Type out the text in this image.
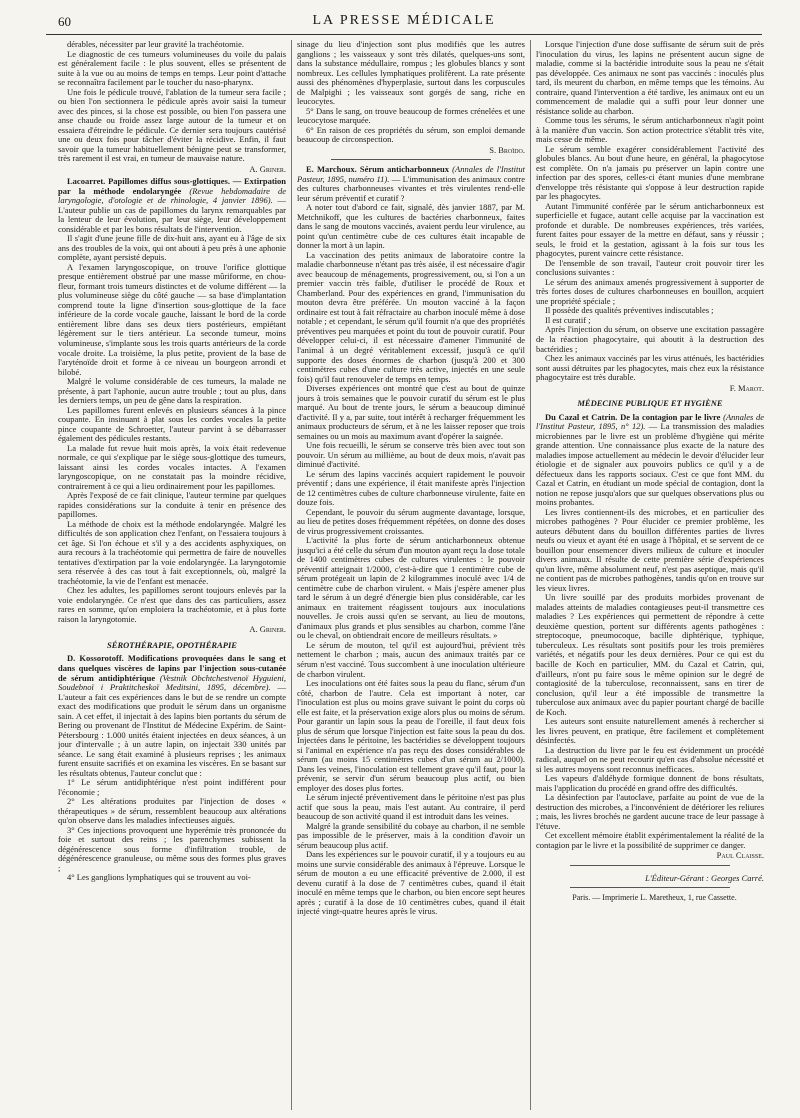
60	LA PRESSE MÉDICALE

dérables, nécessiter par leur gravité la trachéotomie.

Le diagnostic de ces tumeurs volumineuses du voile du palais est généralement facile : le plus souvent, elles se présentent de suite à la vue ou au moins de temps en temps. Leur point d'attache se reconnaîtra facilement par le toucher du naso-pharynx.

Une fois le pédicule trouvé, l'ablation de la tumeur sera facile ; ou bien l'on sectionnera le pédicule après avoir saisi la tumeur avec des pinces, si la chose est possible, ou bien l'on passera une anse chaude ou froide assez large autour de la tumeur et on essaiera d'étreindre le pédicule. Ce dernier sera toujours cautérisé une ou deux fois pour tâcher d'éviter la récidive. Enfin, il faut savoir que la tumeur habituellement bénigne peut se transformer, très rarement il est vrai, en tumeur de mauvaise nature.

A. Griner.

Lacoarret. Papillomes diffus sous-glottiques. — Extirpation par la méthode endolaryngée (Revue hebdomadaire de laryngologie, d'otologie et de rhinologie, 4 janvier 1896). — L'auteur publie un cas de papillomes du larynx remarquables par la lenteur de leur évolution, par leur siège, leur développement considérable et par les bons résultats de l'intervention.

Il s'agit d'une jeune fille de dix-huit ans, ayant eu à l'âge de six ans des troubles de la voix, qui ont abouti à peu près à une aphonie complète, ayant persisté depuis.

A l'examen laryngoscopique, on trouve l'orifice glottique presque entièrement obstrué par une masse mûriforme, en chou-fleur, formant trois tumeurs distinctes et de volume différent — la plus volumineuse siège du côté gauche — sa base d'implantation comprend toute la ligne d'insertion sous-glottique de la face inférieure de la corde vocale gauche, laissant le bord de la corde entièrement libre dans ses deux tiers postérieurs, empiétant légèrement sur le tiers antérieur. La seconde tumeur, moins volumineuse, s'implante sous les trois quarts antérieurs de la corde vocale droite. La troisième, la plus petite, provient de la base de l'aryténoïde droit et forme à ce niveau un bourgeon arrondi et bilobé.

Malgré le volume considérable de ces tumeurs, la malade ne présente, à part l'aphonie, aucun autre trouble ; tout au plus, dans les derniers temps, un peu de gêne dans la respiration.

Les papillomes furent enlevés en plusieurs séances à la pince coupante. En insinuant à plat sous les cordes vocales la petite pince coupante de Schroetter, l'auteur parvint à se débarrasser également des pédicules restants.

La malade fut revue huit mois après, la voix était redevenue normale, ce qui s'explique par le siège sous-glottique des tumeurs, laissant ainsi les cordes vocales intactes. A l'examen laryngoscopique, on ne constatait pas la moindre récidive, contrairement à ce qui a lieu ordinairement pour les papillomes.

Après l'exposé de ce fait clinique, l'auteur termine par quelques rapides considérations sur la conduite à tenir en présence des papillomes.

La méthode de choix est la méthode endolaryngée. Malgré les difficultés de son application chez l'enfant, on l'essaiera toujours à cet âge. Si l'on échoue et s'il y a des accidents asphyxiques, on aura recours à la trachéotomie qui permettra de faire de nouvelles tentatives d'extirpation par la voie endolaryngée. La laryngotomie sera réservée à des cas tout à fait exceptionnels, où, malgré la trachéotomie, la vie de l'enfant est menacée.

Chez les adultes, les papillomes seront toujours enlevés par la voie endolaryngée. Ce n'est que dans des cas particuliers, assez rares en somme, qu'on emploiera la trachéotomie, et à plus forte raison la laryngotomie.

A. Griner.

SÉROTHÉRAPIE, OPOTHÉRAPIE

D. Kossorotoff. Modifications provoquées dans le sang et dans quelques viscères de lapins par l'injection sous-cutanée de sérum antidiphtérique (Vestnik Obchtchestvenoï Hyguieni, Soudebnoï i Praktitcheskoï Meditsini, 1895, décembre). — L'auteur a fait ces expériences dans le but de se rendre un compte exact des modifications que produit le sérum dans un organisme sain. A cet effet, il injectait à des lapins bien portants du sérum de Bering ou provenant de l'Institut de Médecine Expérim. de Saint-Pétersbourg : 1.000 unités étaient injectées en deux séances, à un jour d'intervalle ; à un autre lapin, on injectait 330 unités par séance. Le sang était examiné à plusieurs reprises ; les animaux furent ensuite sacrifiés et on examina les viscères. En se basant sur les résultats obtenus, l'auteur conclut que :

1° Le sérum antidiphtérique n'est point indifférent pour l'économie ;

2° Les altérations produites par l'injection de doses « thérapeutiques » de sérum, ressemblent beaucoup aux altérations qu'on observe dans les maladies infectieuses aiguës.

3° Ces injections provoquent une hyperémie très prononcée du foie et surtout des reins ; les parenchymes subissent la dégénérescence sous forme d'infiltration trouble, de dégénérescence granuleuse, ou même sous des formes plus graves ;

4° Les ganglions lymphatiques qui se trouvent au voi-

sinage du lieu d'injection sont plus modifiés que les autres ganglions ; les vaisseaux y sont très dilatés, quelques-uns sont, dans la substance médullaire, rompus ; les globules blancs y sont nombreux. Les cellules lymphatiques prolifèrent. La rate présente aussi des phénomènes d'hyperplasie, surtout dans les corpuscules de Malpighi ; les vaisseaux sont gorgés de sang, riche en leucocytes.

5° Dans le sang, on trouve beaucoup de formes crénelées et une leucocytose marquée.

6° En raison de ces propriétés du sérum, son emploi demande beaucoup de circonspection.

S. Broïdo.

E. Marchoux. Sérum anticharbonneux (Annales de l'Institut Pasteur, 1895, numéro 11). — L'immunisation des animaux contre des cultures charbonneuses vivantes et très virulentes rend-elle leur sérum préventif et curatif ?

A noter tout d'abord ce fait, signalé, dès janvier 1887, par M. Metchnikoff, que les cultures de bactéries charbonneux, faites dans le sang de moutons vaccinés, avaient perdu leur virulence, au point qu'un centimètre cube de ces cultures était incapable de donner la mort à un lapin.

La vaccination des petits animaux de laboratoire contre la maladie charbonneuse n'étant pas très aisée, il est nécessaire d'agir avec beaucoup de ménagements, progressivement, ou, si l'on a un premier vaccin très faible, d'utiliser le procédé de Roux et Chamberland. Pour des expériences en grand, l'immunisation du mouton devra être préférée. Un mouton vacciné à la façon ordinaire est tout à fait réfractaire au charbon inoculé même à dose notable ; et cependant, le sérum qu'il fournit n'a que des propriétés préventives peu marquées et point du tout de pouvoir curatif. Pour développer celui-ci, il est nécessaire d'amener l'immunité de l'animal à un degré véritablement excessif, jusqu'à ce qu'il supporte des doses énormes de charbon (jusqu'à 200 et 300 centimètres cubes d'une culture très active, injectés en une seule fois) qu'il faut renouveler de temps en temps.

Diverses expériences ont montré que c'est au bout de quinze jours à trois semaines que le pouvoir curatif du sérum est le plus marqué. Au bout de trente jours, le sérum a beaucoup diminué d'activité. Il y a, par suite, tout intérêt à recharger fréquemment les animaux producteurs de sérum, et à ne les laisser reposer que trois semaines ou un mois au maximum avant d'opérer la saignée.

Une fois recueilli, le sérum se conserve très bien avec tout son pouvoir. Un sérum au millième, au bout de deux mois, n'avait pas diminué d'activité.

Le sérum des lapins vaccinés acquiert rapidement le pouvoir préventif ; dans une expérience, il était manifeste après l'injection de 12 centimètres cubes de culture charbonneuse virulente, faite en douze fois.

Cependant, le pouvoir du sérum augmente davantage, lorsque, au lieu de petites doses fréquemment répétées, on donne des doses de virus progressivement croissantes.

L'activité la plus forte de sérum anticharbonneux obtenue jusqu'ici a été celle du sérum d'un mouton ayant reçu la dose totale de 1400 centimètres cubes de cultures virulentes : le pouvoir préventif atteignait 1/2000, c'est-à-dire que 1 centimètre cube de sérum protégeait un lapin de 2 kilogrammes inoculé avec 1/4 de centimètre cube de charbon virulent. « Mais j'espère amener plus tard le sérum à un degré d'énergie bien plus considérable, car les animaux en traitement réagissent toujours aux inoculations nouvelles. Je crois aussi qu'en se servant, au lieu de moutons, d'animaux plus grands et plus sensibles au charbon, comme l'âne ou le cheval, on obtiendrait encore de meilleurs résultats. »

Le sérum de mouton, tel qu'il est aujourd'hui, prévient très nettement le charbon ; mais, aucun des animaux traités par ce sérum n'est vacciné. Tous succombent à une inoculation ultérieure de charbon virulent.

Les inoculations ont été faites sous la peau du flanc, sérum d'un côté, charbon de l'autre. Cela est important à noter, car l'inoculation est plus ou moins grave suivant le point du corps où elle est faite, et la préservation exige alors plus ou moins de sérum. Pour garantir un lapin sous la peau de l'oreille, il faut deux fois plus de sérum que lorsque l'injection est faite sous la peau du dos. Injectées dans le péritoine, les bactéridies se développent toujours si l'animal en expérience n'a pas reçu des doses considérables de sérum (au moins 15 centimètres cubes d'un sérum au 2/1000). Dans les veines, l'inoculation est tellement grave qu'il faut, pour la prévenir, se servir d'un sérum beaucoup plus actif, ou bien employer des doses plus fortes.

Le sérum injecté préventivement dans le péritoine n'est pas plus actif que sous la peau, mais l'est autant. Au contraire, il perd beaucoup de son activité quand il est introduit dans les veines.

Malgré la grande sensibilité du cobaye au charbon, il ne semble pas impossible de le préserver, mais à la condition d'avoir un sérum beaucoup plus actif.

Dans les expériences sur le pouvoir curatif, il y a toujours eu au moins une survie considérable des animaux à l'épreuve. Lorsque le sérum de mouton a eu une efficacité préventive de 2.000, il est devenu curatif à la dose de 7 centimètres cubes, quand il était inoculé en même temps que le charbon, ou bien encore sept heures après ; curatif à la dose de 10 centimètres cubes, quand il était injecté vingt-quatre heures après le virus.

Lorsque l'injection d'une dose suffisante de sérum suit de près l'inoculation du virus, les lapins ne présentent aucun signe de maladie, comme si la bactéridie introduite sous la peau ne s'était pas développée. Ces animaux ne sont pas vaccinés : inoculés plus tard, ils meurent du charbon, en même temps que les témoins. Au contraire, quand l'intervention a été tardive, les animaux ont eu un commencement de maladie qui a suffi pour leur donner une résistance solide au charbon.

Comme tous les sérums, le sérum anticharbonneux n'agit point à la manière d'un vaccin. Son action protectrice s'établit très vite, mais cesse de même.

Le sérum semble exagérer considérablement l'activité des globules blancs. Au bout d'une heure, en général, la phagocytose est complète. On n'a jamais pu préserver un lapin contre une infection par des spores, celles-ci étant munies d'une membrane d'enveloppe très résistante qui s'oppose à leur destruction rapide par les phagocytes.

Autant l'immunité conférée par le sérum anticharbonneux est superficielle et fugace, autant celle acquise par la vaccination est profonde et durable. De nombreuses expériences, très variées, furent faites pour essayer de la mettre en défaut, sans y réussir ; seuls, le froid et la gestation, agissant à la fois sur tous les phagocytes, purent vaincre cette résistance.

De l'ensemble de son travail, l'auteur croit pouvoir tirer les conclusions suivantes :

Le sérum des animaux amenés progressivement à supporter de très fortes doses de cultures charbonneuses en bouillon, acquiert une propriété spéciale ;

Il possède des qualités préventives indiscutables ;

Il est curatif ;

Après l'injection du sérum, on observe une excitation passagère de la réaction phagocytaire, qui aboutit à la destruction des bactéridies ;

Chez les animaux vaccinés par les virus atténués, les bactéridies sont aussi détruites par les phagocytes, mais chez eux la résistance phagocytaire est très durable.

F. Marot.

MÉDECINE PUBLIQUE ET HYGIÈNE

Du Cazal et Catrin. De la contagion par le livre (Annales de l'Institut Pasteur, 1895, n° 12). — La transmission des maladies microbiennes par le livre est un problème d'hygiène qui mérite grande attention. Une connaissance plus exacte de la nature des maladies impose actuellement au médecin le devoir d'élucider leur étiologie et de signaler aux pouvoirs publics ce qu'il y a de défectueux dans les rapports sociaux. C'est ce que font MM. du Cazal et Catrin, en étudiant un mode spécial de contagion, dont la notion ne repose jusqu'alors que sur quelques observations plus ou moins probantes.

Les livres contiennent-ils des microbes, et en particulier des microbes pathogènes ? Pour élucider ce premier problème, les auteurs débutent dans du bouillon différentes parties de livres neufs ou vieux et ayant été en usage à l'hôpital, et se servent de ce bouillon pour ensemencer divers milieux de culture et inoculer divers animaux. Il résulte de cette première série d'expériences qu'un livre, même absolument neuf, n'est pas aseptique, mais qu'il ne contient pas de microbes pathogènes, tandis qu'on en trouve sur les vieux livres.

Un livre souillé par des produits morbides provenant de malades atteints de maladies contagieuses peut-il transmettre ces maladies ? Les expériences qui permettent de répondre à cette deuxième question, portent sur différents agents pathogènes : streptocoque, pneumocoque, bacille diphtérique, typhique, tuberculeux. Les résultats sont positifs pour les trois premières variétés, et négatifs pour les deux dernières. Pour ce qui est du bacille de Koch en particulier, MM. du Cazal et Catrin, qui, d'ailleurs, n'ont pu faire sous le même opinion sur le degré de contagiosité de la tuberculose, reconnaissent, sans en tirer de conclusion, qu'il leur a été impossible de transmettre la tuberculose aux animaux avec du papier pourtant chargé de bacille de Koch.

Les auteurs sont ensuite naturellement amenés à rechercher si les livres peuvent, en pratique, être facilement et complètement désinfectés.

La destruction du livre par le feu est évidemment un procédé radical, auquel on ne peut recourir qu'en cas d'absolue nécessité et si les autres moyens sont reconnus inefficaces.

Les vapeurs d'aldéhyde formique donnent de bons résultats, mais l'application du procédé en grand offre des difficultés.

La désinfection par l'autoclave, parfaite au point de vue de la destruction des microbes, a l'inconvénient de détériorer les reliures ; mais, les livres brochés ne gardent aucune trace de leur passage à l'étuve.

Cet excellent mémoire établit expérimentalement la réalité de la contagion par le livre et la possibilité de supprimer ce danger.

Paul Claisse.

L'Éditeur-Gérant : Georges Carré.

Paris. — Imprimerie L. Maretheux, 1, rue Cassette.
